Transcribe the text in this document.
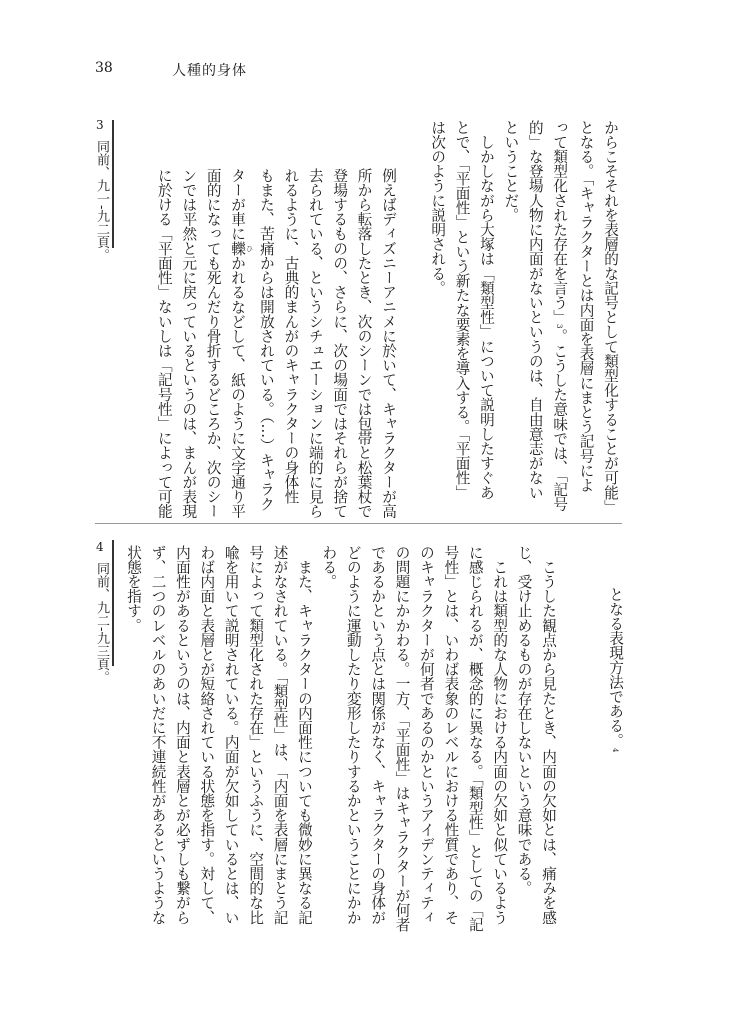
38	人種的身体
からこそそれを表層的な記号として類型化することが可能」
となる。「キャラクターとは内面を表層にまとう記号によ
って類型化された存在を言う」3。こうした意味では、「記号
的」な登場人物に内面がないというのは、自由意志がない
ということだ。
　しかしながら大塚は「類型性」について説明したすぐあ
とで、「平面性」という新たな要素を導入する。「平面性」
は次のように説明される。
例えばディズニーアニメに於いて、キャラクターが高
所から転落したとき、次のシーンでは包帯と松葉杖で
登場するものの、さらに、次の場面ではそれらが捨て
去られている、というシチュエーションに端的に見ら
れるように、古典的まんがのキャラクターの身体性
もまた、苦痛からは開放されている。（…）キャラク
ターが車に轢 ひかれるなどして、紙のように文字通り平
面的になっても死んだり骨折するどころか、次のシー
ンでは平然と元に戻っているというのは、まんが表現
に於ける「平面性」ないしは「記号性」によって可能
3
同前、九一-九二頁。
となる表現方法である。4
　こうした観点から見たとき、内面の欠如とは、痛みを感
じ、受け止めるものが存在しないという意味である。
　これは類型的な人物における内面の欠如と似ているよう
に感じられるが、概念的に異なる。「類型性」としての「記
号性」とは、いわば表象のレベルにおける性質であり、そ
のキャラクターが何者であるのかというアイデンティティ
の問題にかかわる。一方、「平面性」はキャラクターが何者
であるかという点とは関係がなく、キャラクターの身体が
どのように運動したり変形したりするかということにかか
わる。
　また、キャラクターの内面性についても微妙に異なる記
述がなされている。「類型性」は、「内面を表層にまとう記
号によって類型化された存在」というふうに、空間的な比
喩を用いて説明されている。内面が欠如しているとは、い
わば内面と表層とが短絡されている状態を指す。対して、
内面性があるというのは、内面と表層とが必ずしも繋がら
ず、二つのレベルのあいだに不連続性があるというような
状態を指す。
4
同前、九二-九三頁。
